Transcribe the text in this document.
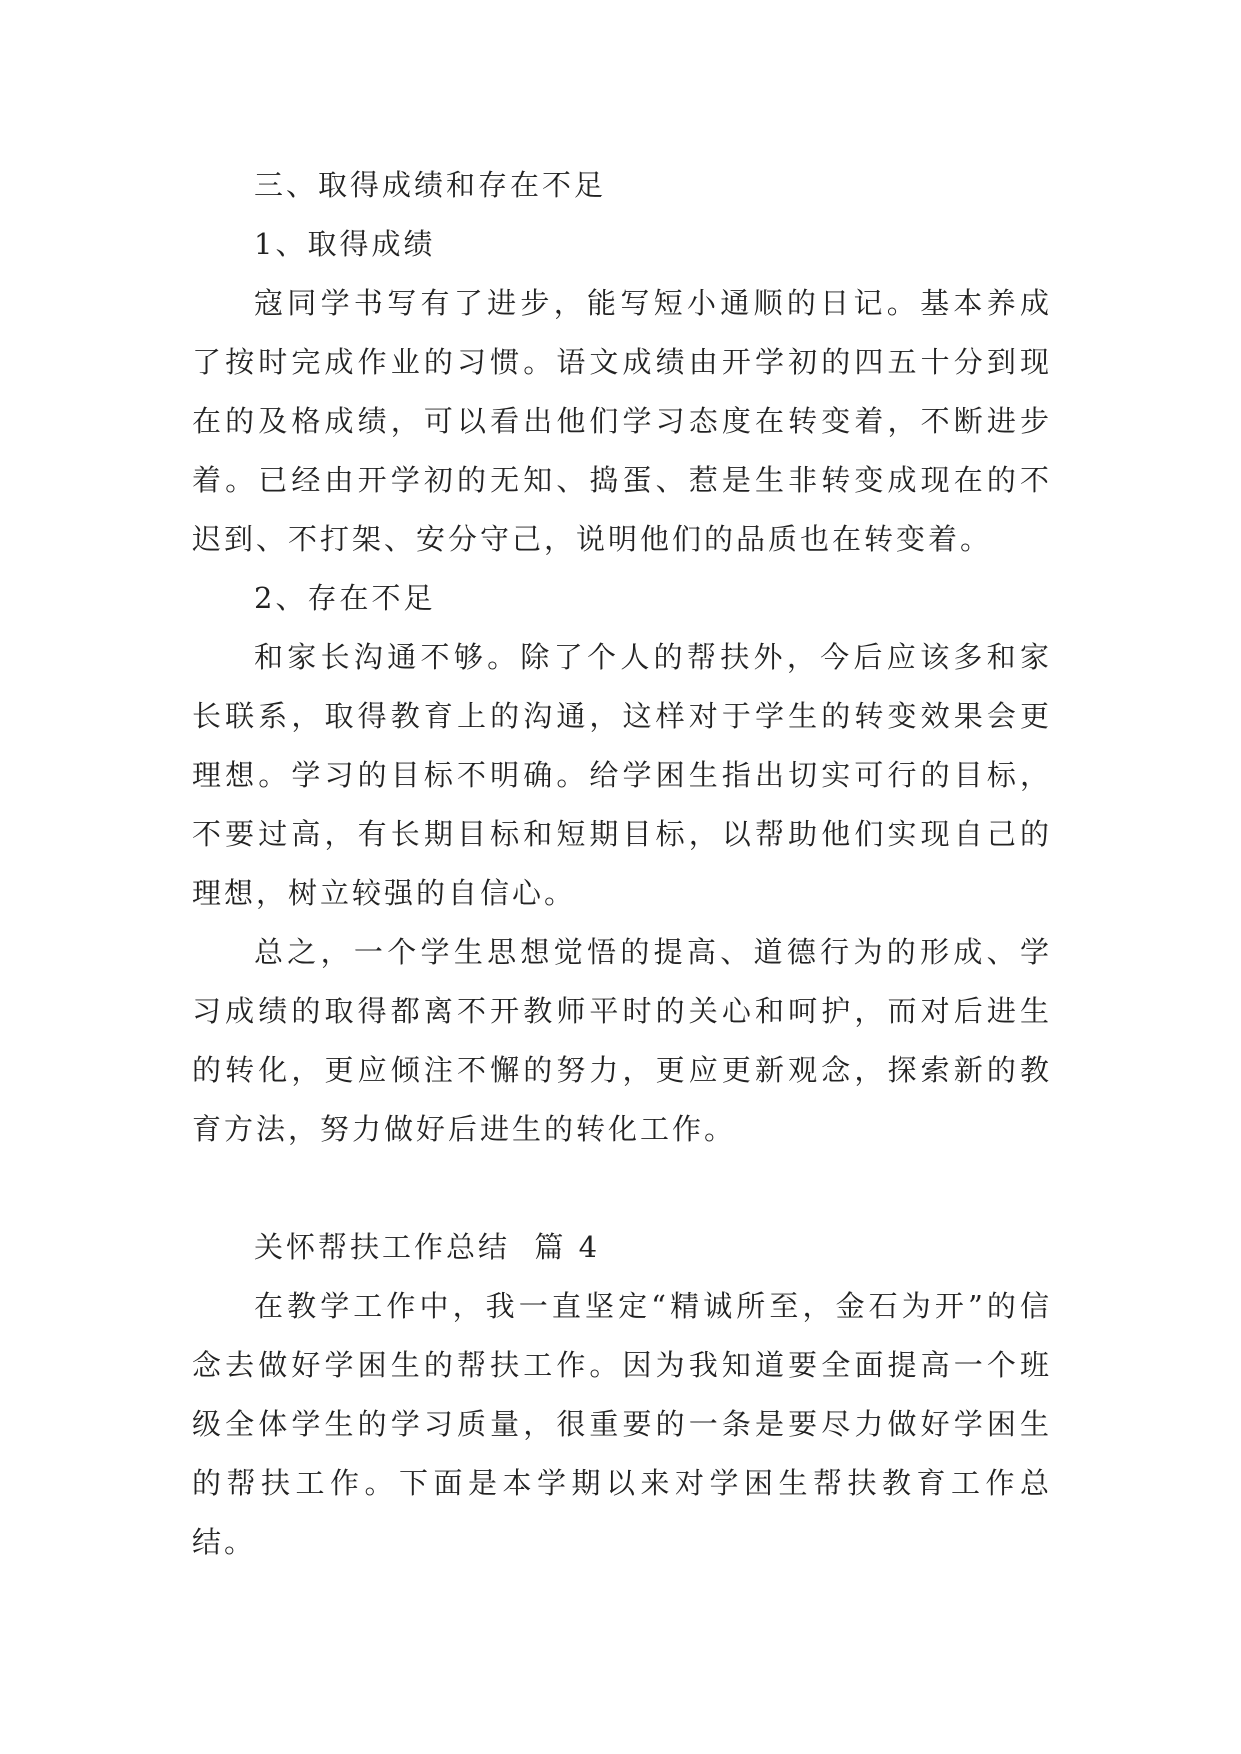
三、取得成绩和存在不足

1、取得成绩

寇同学书写有了进步，能写短小通顺的日记。基本养成了按时完成作业的习惯。语文成绩由开学初的四五十分到现在的及格成绩，可以看出他们学习态度在转变着，不断进步着。已经由开学初的无知、捣蛋、惹是生非转变成现在的不迟到、不打架、安分守己，说明他们的品质也在转变着。

2、存在不足

和家长沟通不够。除了个人的帮扶外，今后应该多和家长联系，取得教育上的沟通，这样对于学生的转变效果会更理想。学习的目标不明确。给学困生指出切实可行的目标，不要过高，有长期目标和短期目标，以帮助他们实现自己的理想，树立较强的自信心。

总之，一个学生思想觉悟的提高、道德行为的形成、学习成绩的取得都离不开教师平时的关心和呵护，而对后进生的转化，更应倾注不懈的努力，更应更新观念，探索新的教育方法，努力做好后进生的转化工作。

关怀帮扶工作总结  篇 4

在教学工作中，我一直坚定“精诚所至，金石为开”的信念去做好学困生的帮扶工作。因为我知道要全面提高一个班级全体学生的学习质量，很重要的一条是要尽力做好学困生的帮扶工作。下面是本学期以来对学困生帮扶教育工作总结。
